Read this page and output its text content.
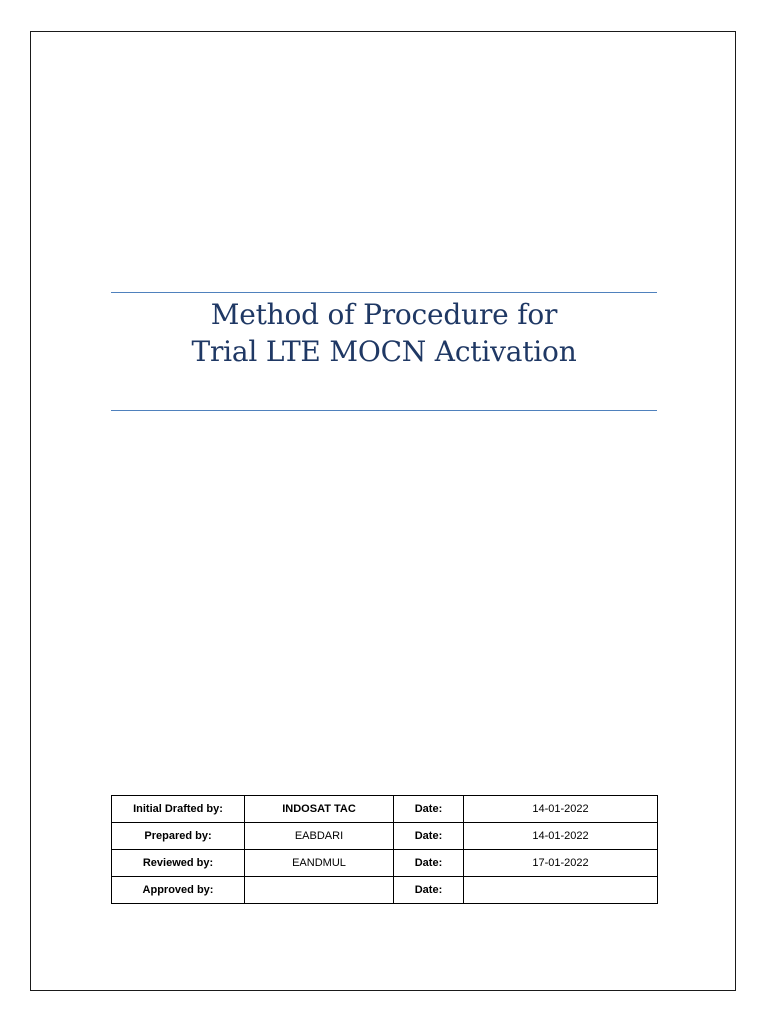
Method of Procedure for
Trial LTE MOCN Activation
Initial Drafted by:	INDOSAT TAC	Date:	14-01-2022
Prepared by:	EABDARI	Date:	14-01-2022
Reviewed by:	EANDMUL	Date:	17-01-2022
Approved by:		Date:	
